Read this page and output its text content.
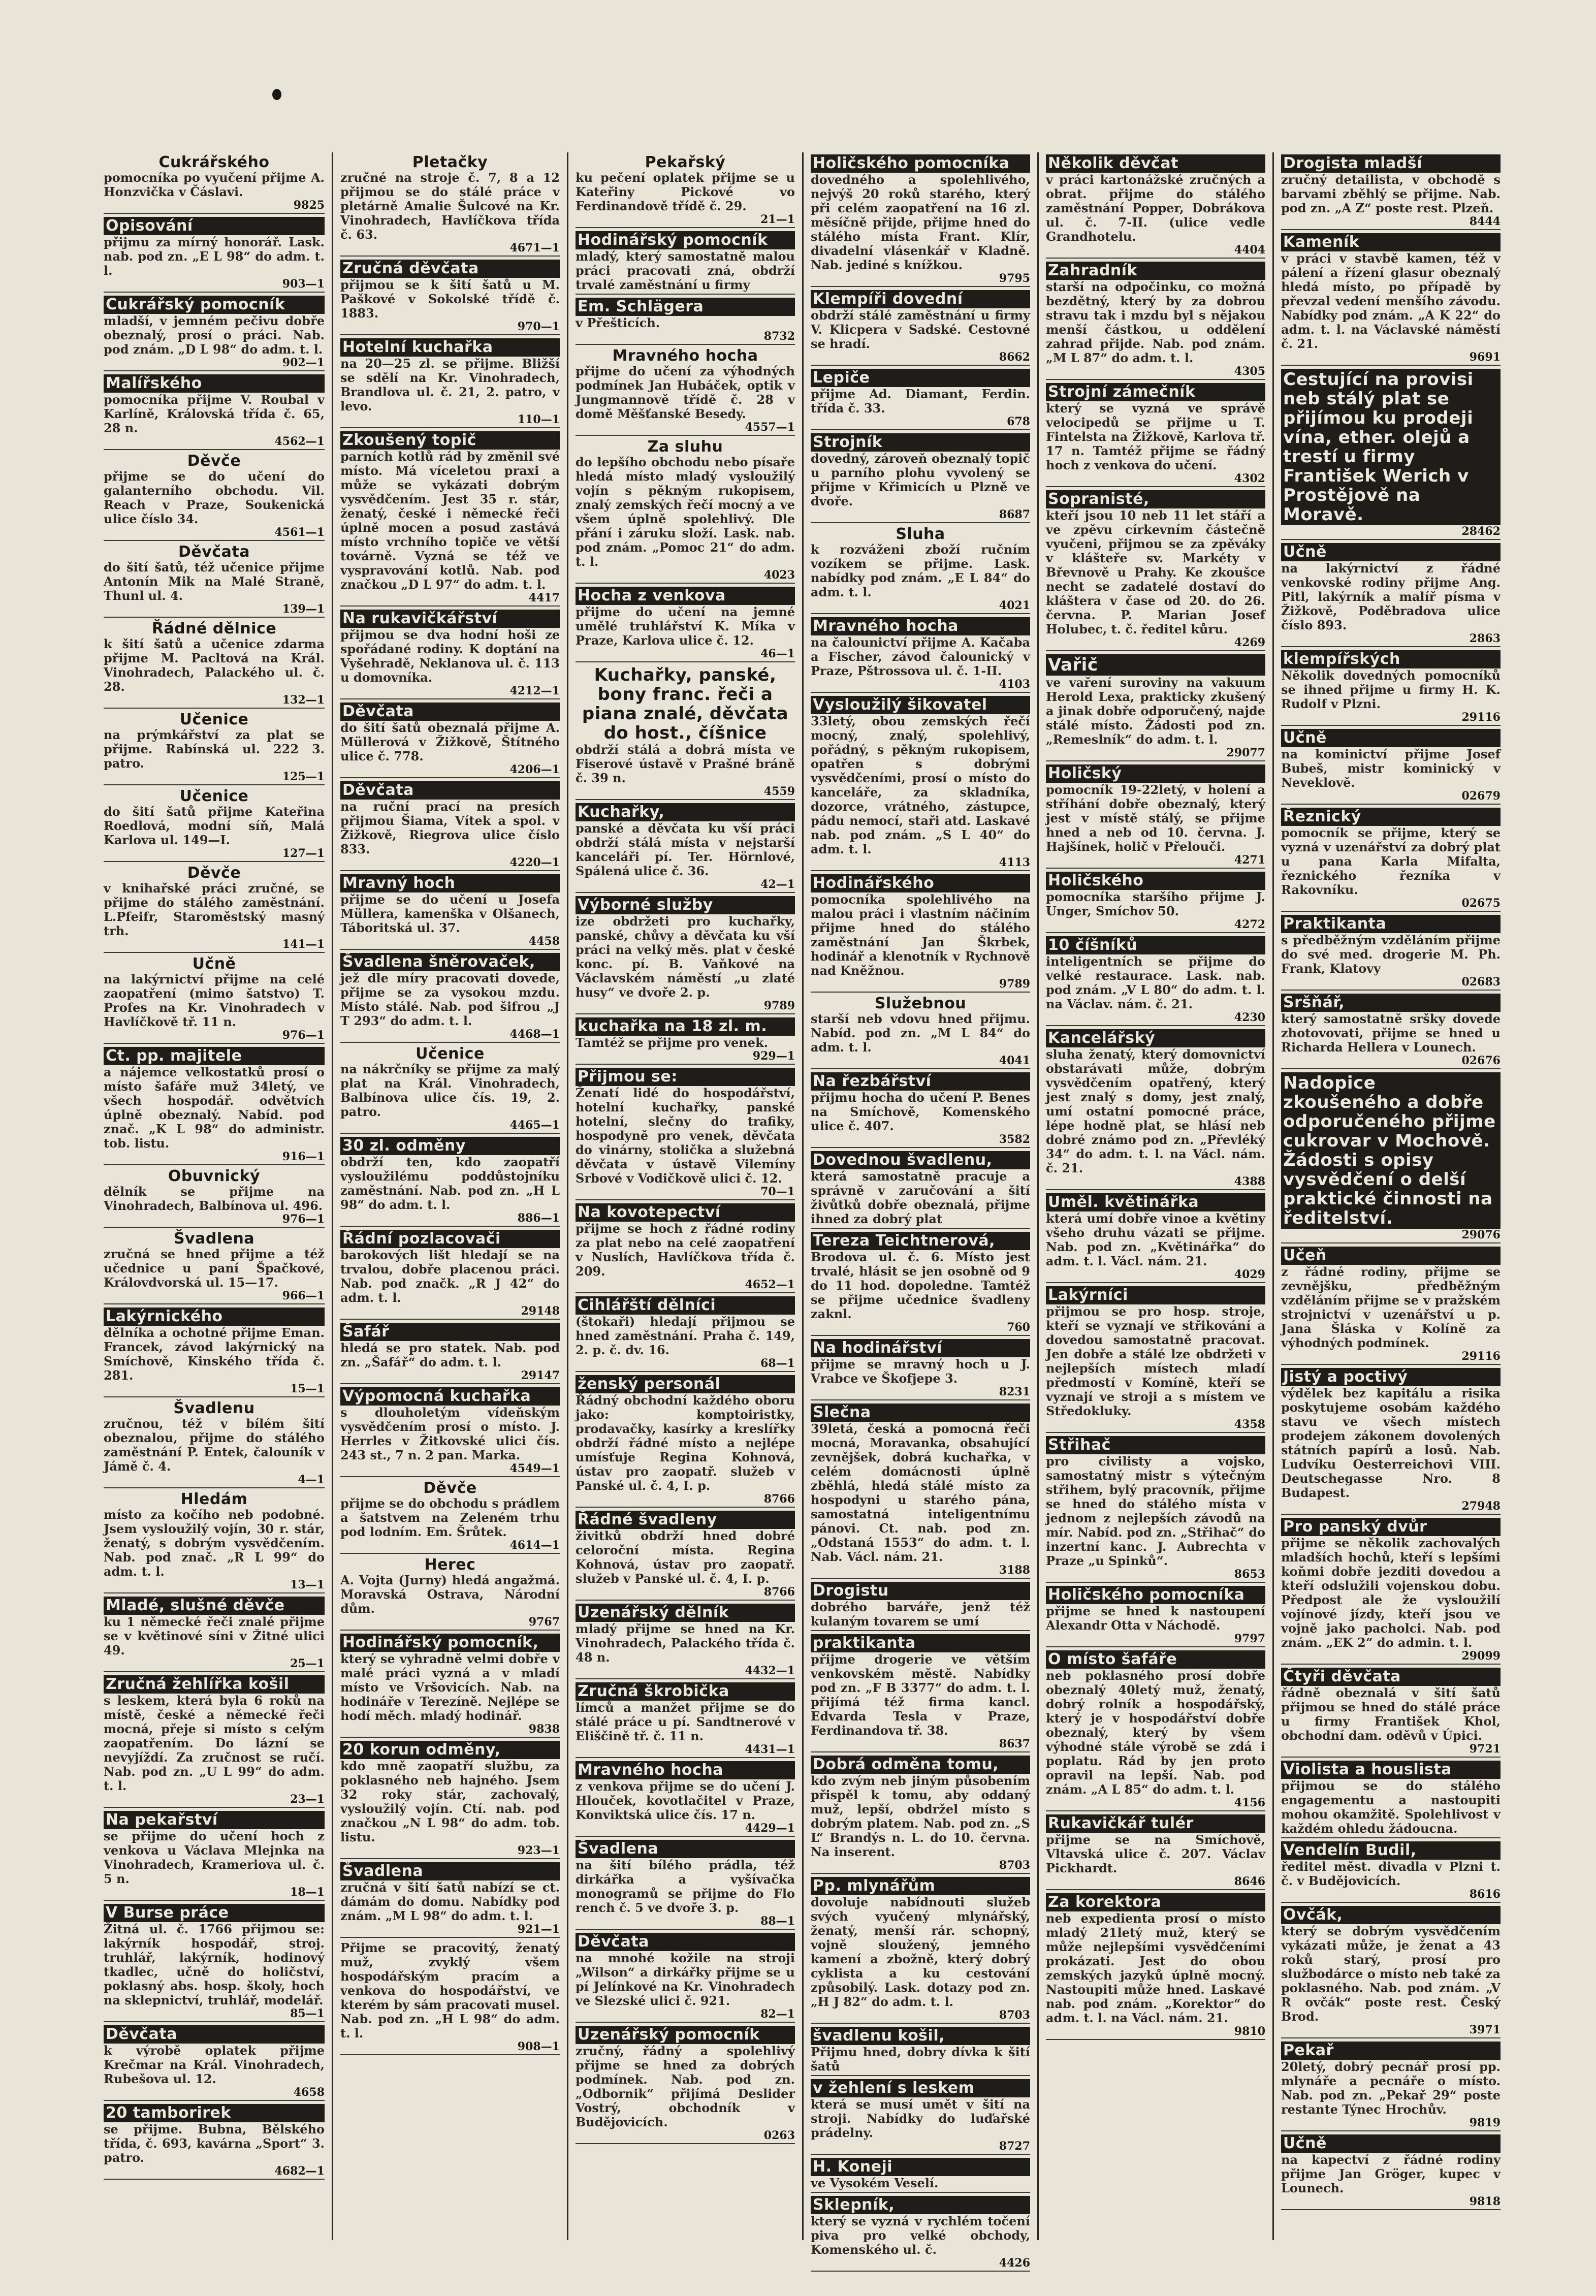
Cukrářského
pomocníka po vyučení přijme A. Honzvička v Čáslavi.
9825
Opisování
přijmu za mírný honorář. Lask. nab. pod zn. „E L 98“ do adm. t. l.
903—1
Cukrářský pomocník
mladší, v jemném pečivu dobře obeznalý, prosí o práci. Nab. pod znám. „D L 98“ do adm. t. l.
902—1
Malířského
pomocníka přijme V. Roubal v Karlíně, Královská třída č. 65, 28 n.
4562—1
Děvče
přijme se do učení do galanterního obchodu. Vil. Reach v Praze, Soukenická ulice číslo 34.
4561—1
Děvčata
do šití šatů, též učenice přijme Antonín Mik na Malé Straně, Thunl ul. 4.
139—1
Řádné dělnice
k šití šatů a učenice zdarma přijme M. Pacltová na Král. Vinohradech, Palackého ul. č. 28.
132—1
Učenice
na prýmkářství za plat se přijme. Rabínská ul. 222 3. patro.
125—1
Učenice
do šití šatů přijme Kateřina Roedlová, modní síň, Malá Karlova ul. 149—I.
127—1
Děvče
v knihařské práci zručné, se přijme do stálého zaměstnání. L.Pfeifr, Staroměstský masný trh.
141—1
Učně
na lakýrnictví přijme na celé zaopatření (mimo šatstvo) T. Profes na Kr. Vinohradech v Havlíčkově tř. 11 n.
976—1
Ct. pp. majitele
a nájemce velkostatků prosí o místo šafáře muž 34letý, ve všech hospodář. odvětvích úplně obeznalý. Nabíd. pod znač. „K L 98“ do administr. tob. listu.
916—1
Obuvnický
dělník se přijme na Vinohradech, Balbínova ul. 496.
976—1
Švadlena
zručná se hned přijme a též učednice u paní Špačkové, Královdvorská ul. 15—17.
966—1
Lakýrnického
dělníka a ochotné přijme Eman. Francek, závod lakýrnický na Smíchově, Kinského třída č. 281.
15—1
Švadlenu
zručnou, též v bílém šití obeznalou, přijme do stálého zaměstnání P. Entek, čalouník v Jámě č. 4.
4—1
Hledám
místo za kočího neb podobné. Jsem vysloužilý vojín, 30 r. stár, ženatý, s dobrým vysvědčením. Nab. pod znač. „R L 99“ do adm. t. l.
13—1
Mladé, slušné děvče
ku 1 německé řeči znalé přijme se v květinové síni v Žitné ulici 49.
25—1
Zručná žehlířka košil
s leskem, která byla 6 roků na místě, české a německé řeči mocná, přeje si místo s celým zaopatřením. Do lázní se nevyjíždí. Za zručnost se ručí. Nab. pod zn. „U L 99“ do adm. t. l.
23—1
Na pekařství
se přijme do učení hoch z venkova u Václava Mlejnka na Vinohradech, Krameriova ul. č. 5 n.
18—1
V Burse práce
Žitná ul. č. 1766 přijmou se: lakýrník hospodář, stroj. truhlář, lakýrník, hodinový tkadlec, učně do holičství, poklasný abs. hosp. školy, hoch na sklepnictví, truhlář, modelář.
85—1
Děvčata
k výrobě oplatek přijme Krečmar na Král. Vinohradech, Rubešova ul. 12.
4658
20 tamborirek
se přijme. Bubna, Bělského třída, č. 693, kavárna „Sport“ 3. patro.
4682—1
Pletačky
zručné na stroje č. 7, 8 a 12 přijmou se do stálé práce v pletárně Amalie Šulcové na Kr. Vinohradech, Havlíčkova třída č. 63.
4671—1
Zručná děvčata
přijmou se k šití šatů u M. Paškové v Sokolské třídě č. 1883.
970—1
Hotelní kuchařka
na 20—25 zl. se přijme. Bližší se sdělí na Kr. Vinohradech, Brandlova ul. č. 21, 2. patro, v levo.
110—1
Zkoušený topič
parních kotlů rád by změnil své místo. Má víceletou praxi a může se vykázati dobrým vysvědčením. Jest 35 r. stár, ženatý, české i německé řeči úplně mocen a posud zastává místo vrchního topiče ve větší továrně. Vyzná se též ve vyspravování kotlů. Nab. pod značkou „D L 97“ do adm. t. l.
4417
Na rukavičkářství
přijmou se dva hodní hoši ze spořádané rodiny. K doptání na Vyšehradě, Neklanova ul. č. 113 u domovníka.
4212—1
Děvčata
do šití šatů obeznalá přijme A. Müllerová v Žižkově, Štítného ulice č. 778.
4206—1
Děvčata
na ruční prací na presích přijmou Šiama, Vítek a spol. v Žižkově, Riegrova ulice číslo 833.
4220—1
Mravný hoch
přijme se do učení u Josefa Müllera, kamenška v Olšanech, Táboritská ul. 37.
4458
Švadlena šněrovaček,
jež dle míry pracovati dovede, přijme se za vysokou mzdu. Místo stálé. Nab. pod šifrou „J T 293“ do adm. t. l.
4468—1
Učenice
na nákrčníky se přijme za malý plat na Král. Vinohradech, Balbínova ulice čís. 19, 2. patro.
4465—1
30 zl. odměny
obdrží ten, kdo zaopatří vysloužilému poddůstojníku zaměstnání. Nab. pod zn. „H L 98“ do adm. t. l.
886—1
Řádní pozlacovači
barokových lišt hledají se na trvalou, dobře placenou práci. Nab. pod značk. „R J 42“ do adm. t. l.
29148
Šafář
hledá se pro statek. Nab. pod zn. „Šafář“ do adm. t. l.
29147
Výpomocná kuchařka
s dlouholetým vídeňským vysvědčením prosí o místo. J. Herrles v Žitkovské ulici čís. 243 st., 7 n. 2 pan. Marka.
4549—1
Děvče
přijme se do obchodu s prádlem a šatstvem na Zeleném trhu pod lodním. Em. Šrůtek.
4614—1
Herec
A. Vojta (Jurny) hledá angažmá. Moravská Ostrava, Národní dům.
9767
Hodinářský pomocník,
který se vyhradně velmi dobře v malé práci vyzná a v mladí místo ve Vršovicích. Nab. na hodináře v Terezíně. Nejlépe se hodí měch. mladý hodinář.
9838
20 korun odměny,
kdo mně zaopatří službu, za poklasného neb hajného. Jsem 32 roky stár, zachovalý, vysloužilý vojín. Ctí. nab. pod značkou „N L 98“ do adm. tob. listu.
923—1
Švadlena
zručná v šití šatů nabízí se ct. dámám do domu. Nabídky pod znám. „M L 98“ do adm. t. l.
921—1
Přijme se pracovitý, ženatý muž, zvyklý všem hospodářským pracím a venkova do hospodářství, ve kterém by sám pracovati musel. Nab. pod zn. „H L 98“ do adm. t. l.
908—1
Pekařský
ku pečení oplatek přijme se u Kateřiny Pickové vo Ferdinandově třídě č. 29.
21—1
Hodinářský pomocník
mladý, který samostatně malou práci pracovati zná, obdrží trvalé zaměstnání u firmy
Em. Schlägera
v Přešticích.
8732
Mravného hocha
přijme do učení za výhodných podmínek Jan Hubáček, optik v Jungmannově třídě č. 28 v domě Měšťanské Besedy.
4557—1
Za sluhu
do lepšího obchodu nebo písaře hledá místo mladý vysloužilý vojín s pěkným rukopisem, znalý zemských řečí mocný a ve všem úplně spolehlivý. Dle přání i záruku složí. Lask. nab. pod znám. „Pomoc 21“ do adm. t. l.
4023
Hocha z venkova
přijme do učení na jemné umělé truhlářství K. Míka v Praze, Karlova ulice č. 12.
46—1
Kuchařky, panské, bony franc. řeči a piana znalé, děvčata do host., číšnice
obdrží stálá a dobrá místa ve Fiserové ústavě v Prašné bráně č. 39 n.
4559
Kuchařky,
panské a děvčata ku vší práci obdrží stálá místa v nejstarší kanceláři pí. Ter. Hörnlové, Spálená ulice č. 36.
42—1
Výborné služby
ize obdržeti pro kuchařky, panské, chůvy a děvčata ku vší práci na velký měs. plat v české konc. pí. B. Vaňkové na Václavském náměstí „u zlaté husy“ ve dvoře 2. p.
9789
kuchařka na 18 zl. m.
Tamtéž se přijme pro venek.
929—1
Přijmou se:
Ženatí lidé do hospodářství, hotelní kuchařky, panské hotelní, slečny do trafiky, hospodyně pro venek, děvčata do vinárny, stolička a služebná děvčata v ústavě Vilemíny Srbové v Vodičkově ulici č. 12.
70—1
Na kovotepectví
přijme se hoch z řádné rodiny za plat nebo na celé zaopatření v Nuslích, Havlíčkova třída č. 209.
4652—1
Cihlářští dělníci
(štokaři) hledají přijmou se hned zaměstnání. Praha č. 149, 2. p. č. dv. 16.
68—1
ženský personál
Řádný obchodní každého oboru jako: komptoiristky, prodavačky, kasírky a kreslířky obdrží řádné místo a nejlépe umísťuje Regina Kohnová, ústav pro zaopatř. služeb v Panské ul. č. 4, I. p.
8766
Řádné švadleny
živitků obdrží hned dobré celoroční místa. Regina Kohnová, ústav pro zaopatř. služeb v Panské ul. č. 4, I. p.
8766
Uzenářský dělník
mladý přijme se hned na Kr. Vinohradech, Palackého třída č. 48 n.
4432—1
Zručná škrobička
límců a manžet přijme se do stálé práce u pí. Sandtnerové v Eliščině tř. č. 11 n.
4431—1
Mravného hocha
z venkova přijme se do učení J. Hlouček, kovotlačitel v Praze, Konviktská ulice čís. 17 n.
4429—1
Švadlena
na šití bílého prádla, též dirkářka a vyšívačka monogramů se přijme do Flo rench č. 5 ve dvoře 3. p.
88—1
Děvčata
na mnohé kožile na stroji „Wilson“ a dirkářky přijme se u pí Jelínkové na Kr. Vinohradech ve Slezské ulici č. 921.
82—1
Uzenářský pomocník
zručný, řádný a spolehlivý přijme se hned za dobrých podmínek. Nab. pod zn. „Odbornik“ přijímá Deslider Vostrý, obchodník v Budějovicích.
0263
Holičského pomocníka
dovedného a spolehlivého, nejvýš 20 roků starého, který při celém zaopatření na 16 zl. měsíčně přijde, přijme hned do stálého místa Frant. Klír, divadelní vlásenkář v Kladně. Nab. jediné s knížkou.
9795
Klempíři dovední
obdrží stálé zaměstnání u firmy V. Klicpera v Sadské. Cestovné se hradí.
8662
Lepiče
přijme Ad. Diamant, Ferdin. třída č. 33.
678
Strojník
dovedný, zároveň obeznalý topič u parního plohu vyvolený se přijme v Křimicích u Plzně ve dvoře.
8687
Sluha
k rozváženi zboží ručním vozíkem se přijme. Lask. nabídky pod znám. „E L 84“ do adm. t. l.
4021
Mravného hocha
na čalounictví přijme A. Kačaba a Fischer, závod čalounický v Praze, Pštrossova ul. č. 1-II.
4103
Vysloužilý šikovatel
33letý, obou zemských řečí mocný, znalý, spolehlivý, pořádný, s pěkným rukopisem, opatřen s dobrými vysvědčeními, prosí o místo do kanceláře, za skladníka, dozorce, vrátného, zástupce, pádu nemocí, staři atd. Laskavé nab. pod znám. „S L 40“ do adm. t. l.
4113
Hodinářského
pomocníka spolehlivého na malou práci i vlastním náčiním přijme hned do stálého zaměstnání Jan Škrbek, hodinář a klenotník v Rychnově nad Kněžnou.
9789
Služebnou
starší neb vdovu hned přijmu. Nabíd. pod zn. „M L 84“ do adm. t. l.
4041
Na řezbářství
přijmu hocha do učení P. Benes na Smíchově, Komenského ulice č. 407.
3582
Dovednou švadlenu,
která samostatně pracuje a správně v zaručování a šití živůtků dobře obeznalá, přijme ihned za dobrý plat
Tereza Teichtnerová,
Brodova ul. č. 6. Místo jest trvalé, hlásit se jen osobně od 9 do 11 hod. dopoledne. Tamtéž se přijme učednice švadleny zaknl.
760
Na hodinářství
přijme se mravný hoch u J. Vrabce ve Škofjepe 3.
8231
Slečna
39letá, česká a pomocná řeči mocná, Moravanka, obsahující zevnějšek, dobrá kuchařka, v celém domácnosti úplně zběhlá, hledá stálé místo za hospodyni u starého pána, samostatná inteligentnímu pánovi. Ct. nab. pod zn. „Odstaná 1553“ do adm. t. l. Nab. Václ. nám. 21.
3188
Drogistu
dobrého barváře, jenž též kulaným tovarem se umí
praktikanta
přijme drogerie ve větším venkovském městě. Nabídky pod zn. „F B 3377“ do adm. t. l. přijímá též firma kancl. Edvarda Tesla v Praze, Ferdinandova tř. 38.
8637
Dobrá odměna tomu,
kdo zvým neb jiným působením přispěl k tomu, aby oddaný muž, lepší, obdržel místo s dobrým platem. Nab. pod zn. „S L“ Brandýs n. L. do 10. června. Na inserent.
8703
Pp. mlynářům
dovoluje nabídnouti služeb svých vyučený mlynářský, ženatý, menší rár. schopný, vojně sloužený, jemného kamení a zbožně, který dobrý cyklista a ku cestování způsobilý. Lask. dotazy pod zn. „H J 82“ do adm. t. l.
8703
švadlenu košil,
Přijmu hned, dobry dívka k šití šatů
v žehlení s leskem
která se musí umět v šití na stroji. Nabídky do luďařské prádelny.
8727
H. Koneji
ve Vysokém Veselí.
Sklepník,
který se vyzná v rychlém točení piva pro velké obchody, Komenského ul. č.
4426
Několik děvčat
v práci kartonážské zručných a obrat. přijme do stálého zaměstnání Popper, Dobrákova ul. č. 7-II. (ulice vedle Grandhotelu.
4404
Zahradník
starší na odpočinku, co možná bezdětný, který by za dobrou stravu tak i mzdu byl s nějakou menší částkou, u oddělení zahrad přijde. Nab. pod znám. „M L 87“ do adm. t. l.
4305
Strojní zámečník
který se vyzná ve správě velocipedů se přijme u T. Fintelsta na Žižkově, Karlova tř. 17 n. Tamtéž přijme se řádný hoch z venkova do učení.
4302
Sopranisté,
kteří jsou 10 neb 11 let stáří a ve zpěvu církevním částečně vyučeni, přijmou se za zpěváky v klášteře sv. Markéty v Břevnově u Prahy. Ke zkoušce necht se zadatelé dostaví do kláštera v čase od 20. do 26. června. P. Marian Josef Holubec, t. č. ředitel kůru.
4269
Vařič
ve vaření suroviny na vakuum Herold Lexa, prakticky zkušený a jinak dobře odporučený, najde stálé místo. Žádosti pod zn. „Remeslník“ do adm. t. l.
29077
Holičský
pomocník 19-22letý, v holení a stříhání dobře obeznalý, který jest v místě stálý, se přijme hned a neb od 10. června. J. Hajšínek, holič v Přelouči.
4271
Holičského
pomocníka staršího přijme J. Unger, Smíchov 50.
4272
10 číšníků
inteligentních se přijme do velké restaurace. Lask. nab. pod znám. „V L 80“ do adm. t. l. na Václav. nám. č. 21.
4230
Kancelářský
sluha ženatý, který domovnictví obstarávati může, dobrým vysvědčením opatřený, který jest znalý s domy, jest znalý, umí ostatní pomocné práce, lépe hodně plat, se hlásí neb dobré známo pod zn. „Převléký 34“ do adm. t. l. na Václ. nám. č. 21.
4388
Uměl. květinářka
která umí dobře vinoe a květiny všeho druhu vázati se přijme. Nab. pod zn. „Květinářka“ do adm. t. l. Václ. nám. 21.
4029
Lakýrníci
přijmou se pro hosp. stroje, kteří se vyznají ve střikování a dovedou samostatně pracovat. Jen dobře a stálé lze obdržeti v nejlepších místech mladí předmostí v Komíně, kteří se vyznají ve stroji a s místem ve Středokluky.
4358
Střihač
pro civilisty a vojsko, samostatný mistr s výtečným střihem, bylý pracovník, přijme se hned do stálého místa v jednom z nejlepších závodů na mír. Nabíd. pod zn. „Střihač“ do inzertní kanc. J. Aubrechta v Praze „u Spinků“.
8653
Holičského pomocníka
přijme se hned k nastoupení Alexandr Otta v Náchodě.
9797
O místo šafáře
neb poklasného prosí dobře obeznalý 40letý muž, ženatý, dobrý rolník a hospodářský, který je v hospodářství dobře obeznalý, který by všem výhodné stále výrobě se zdá i poplatu. Rád by jen proto opravil na lepší. Nab. pod znám. „A L 85“ do adm. t. l.
4156
Rukavičkář tulér
přijme se na Smíchově, Vltavská ulice č. 207. Václav Pickhardt.
8646
Za korektora
neb expedienta prosí o místo mladý 21letý muž, který se může nejlepšími vysvědčeními prokázati. Jest do obou zemských jazyků úplně mocný. Nastoupiti může hned. Laskavé nab. pod znám. „Korektor“ do adm. t. l. na Václ. nám. 21.
9810
Drogista mladší
zručný detailista, v obchodě s barvami zběhlý se přijme. Nab. pod zn. „A Z“ poste rest. Plzeň.
8444
Kameník
v práci v stavbě kamen, též v pálení a řízení glasur obeznalý hledá místo, po případě by převzal vedení menšího závodu. Nabídky pod znám. „A K 22“ do adm. t. l. na Václavské náměstí č. 21.
9691
Cestující na provisi neb stálý plat se přijímou ku prodeji vína, ether. olejů a trestí u firmy František Werich v Prostějově na Moravě.
28462
Učně
na lakýrnictví z řádné venkovské rodiny přijme Ang. Pitl, lakýrník a malíř písma v Žižkově, Poděbradova ulice číslo 893.
2863
klempířských
Několik dovedných pomocníků se ihned přijme u firmy H. K. Rudolf v Plzni.
29116
Učně
na kominictví přijme Josef Bubeš, mistr kominický v Neveklově.
02679
Řeznický
pomocník se přijme, který se vyzná v uzenářství za dobrý plat u pana Karla Mifalta, řeznického řezníka v Rakovníku.
02675
Praktikanta
s předběžným vzděláním přijme do své med. drogerie M. Ph. Frank, Klatovy
02683
Sršňář,
který samostatně sršky dovede zhotovovati, přijme se hned u Richarda Hellera v Lounech.
02676
Nadopice zkoušeného a dobře odporučeného přijme cukrovar v Mochově. Žádosti s opisy vysvědčení o delší praktické činnosti na ředitelství.
29076
Učeň
z řádné rodiny, přijme se zevnějšku, předběžným vzděláním přijme se v pražském strojnictví v uzenářství u p. Jana Šláska v Kolíně za výhodných podmínek.
29116
Jistý a poctivý
výdělek bez kapitálu a risika poskytujeme osobám každého stavu ve všech místech prodejem zákonem dovolených státních papírů a losů. Nab. Ludvíku Oesterreichovi VIII. Deutschegasse Nro. 8 Budapest.
27948
Pro panský dvůr
přijme se několik zachovalých mladších hochů, kteří s lepšími koňmi dobře jezditi dovedou a kteří odslužili vojenskou dobu. Předpost ale že vysloužilí vojínové jízdy, kteří jsou ve vojně jako pacholci. Nab. pod znám. „EK 2“ do admin. t. l.
29099
Čtyři děvčata
řádně obeznalá v šití šatů přijmou se hned do stálé práce u firmy František Khol, obchodní dam. oděvů v Úpici.
9721
Violista a houslista
přijmou se do stálého engagementu a nastoupiti mohou okamžitě. Spolehlivost v každém ohledu žádoucna.
Vendelín Budil,
ředitel měst. divadla v Plzni t. č. v Budějovicích.
8616
Ovčák,
který se dobrým vysvědčením vykázati může, je ženat a 43 roků starý, prosí pro službodárce o místo neb také za poklasného. Nab. pod znám. „V R ovčák“ poste rest. Český Brod.
3971
Pekař
20letý, dobrý pecnář prosí pp. mlynáře a pecnáře o místo. Nab. pod zn. „Pekař 29“ poste restante Týnec Hrochův.
9819
Učně
na kapectví z řádné rodiny přijme Jan Gröger, kupec v Lounech.
9818
